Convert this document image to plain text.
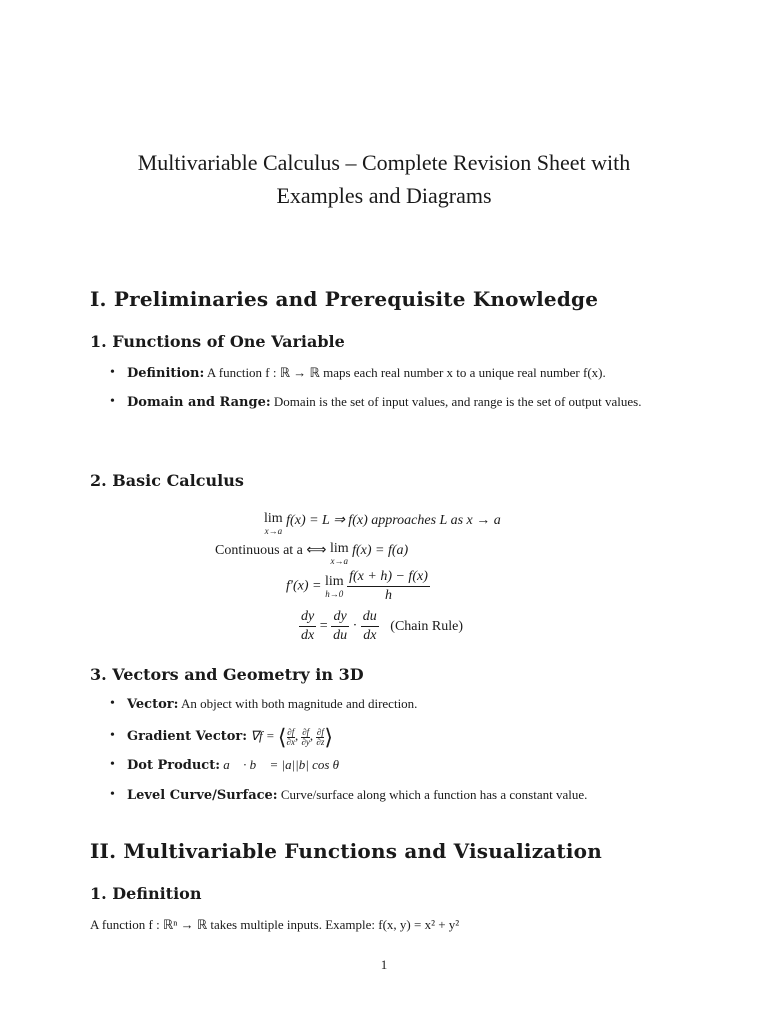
Multivariable Calculus – Complete Revision Sheet with
Examples and Diagrams
I. Preliminaries and Prerequisite Knowledge
1. Functions of One Variable
• Definition: A function f : ℝ → ℝ maps each real number x to a unique real number f(x).
• Domain and Range: Domain is the set of input values, and range is the set of output values.
2. Basic Calculus
lim
x→a
f(x) = L ⇒ f(x) approaches L as x → a
Continuous at a ⟺ lim
x→a
f(x) = f(a)
f′(x) = lim
h→0
$\frac{f(x + h) - f(x)}{h}$
$\frac{dy}{dx} = \frac{dy}{du} \cdot \frac{du}{dx}$ (Chain Rule)
3. Vectors and Geometry in 3D
• Vector: An object with both magnitude and direction.
• Gradient Vector: ∇f = ⟨ $\frac{\partial f}{\partial x}$, $\frac{\partial f}{\partial y}$, $\frac{\partial f}{\partial z}⟩$
• Dot Product: a⃗ · b⃗ = |a||b| cos θ
• Level Curve/Surface: Curve/surface along which a function has a constant value.
II. Multivariable Functions and Visualization
1. Definition

A function f : ℝⁿ → ℝ takes multiple inputs. Example: f(x, y) = x² + y²

1
